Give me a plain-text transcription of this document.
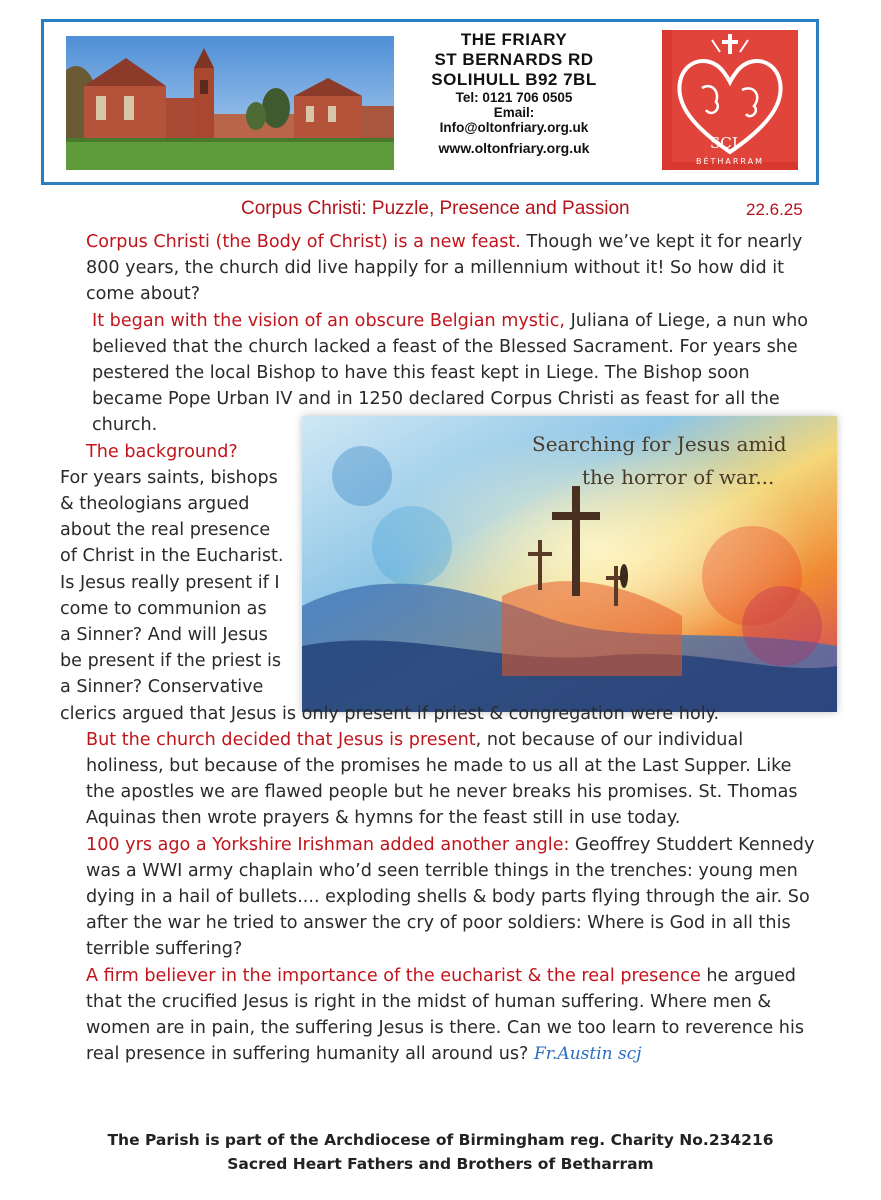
THE FRIARY
ST BERNARDS RD
SOLIHULL B92 7BL
Tel: 0121 706 0505
Email:
Info@oltonfriary.org.uk
www.oltonfriary.org.uk	SCJ
BÉTHARRAM
Corpus Christi: Puzzle, Presence and Passion	22.6.25
Searching for Jesus amid
the horror of war...

Corpus Christi (the Body of Christ) is a new feast. Though we’ve kept it for nearly 800 years, the church did live happily for a millennium without it! So how did it come about?

It began with the vision of an obscure Belgian mystic, Juliana of Liege, a nun who believed that the church lacked a feast of the Blessed Sacrament. For years she pestered the local Bishop to have this feast kept in Liege. The Bishop soon became Pope Urban IV and in 1250 declared Corpus Christi as feast for all the church.

The background?

For years saints, bishops

& theologians argued

about the real presence

of Christ in the Eucharist.

Is Jesus really present if I

come to communion as

a Sinner? And will Jesus

be present if the priest is

a Sinner? Conservative

clerics argued that Jesus is only present if priest & congregation were holy.

But the church decided that Jesus is present, not because of our individual holiness, but because of the promises he made to us all at the Last Supper. Like the apostles we are flawed people but he never breaks his promises. St. Thomas Aquinas then wrote prayers & hymns for the feast still in use today.

100 yrs ago a Yorkshire Irishman added another angle: Geoffrey Studdert Kennedy was a WWI army chaplain who’d seen terrible things in the trenches: young men dying in a hail of bullets.... exploding shells & body parts flying through the air. So after the war he tried to answer the cry of poor soldiers: Where is God in all this terrible suffering?

A firm believer in the importance of the eucharist & the real presence he argued that the crucified Jesus is right in the midst of human suffering. Where men & women are in pain, the suffering Jesus is there. Can we too learn to reverence his real presence in suffering humanity all around us? Fr.Austin scj

The Parish is part of the Archdiocese of Birmingham reg. Charity No.234216
Sacred Heart Fathers and Brothers of Betharram
